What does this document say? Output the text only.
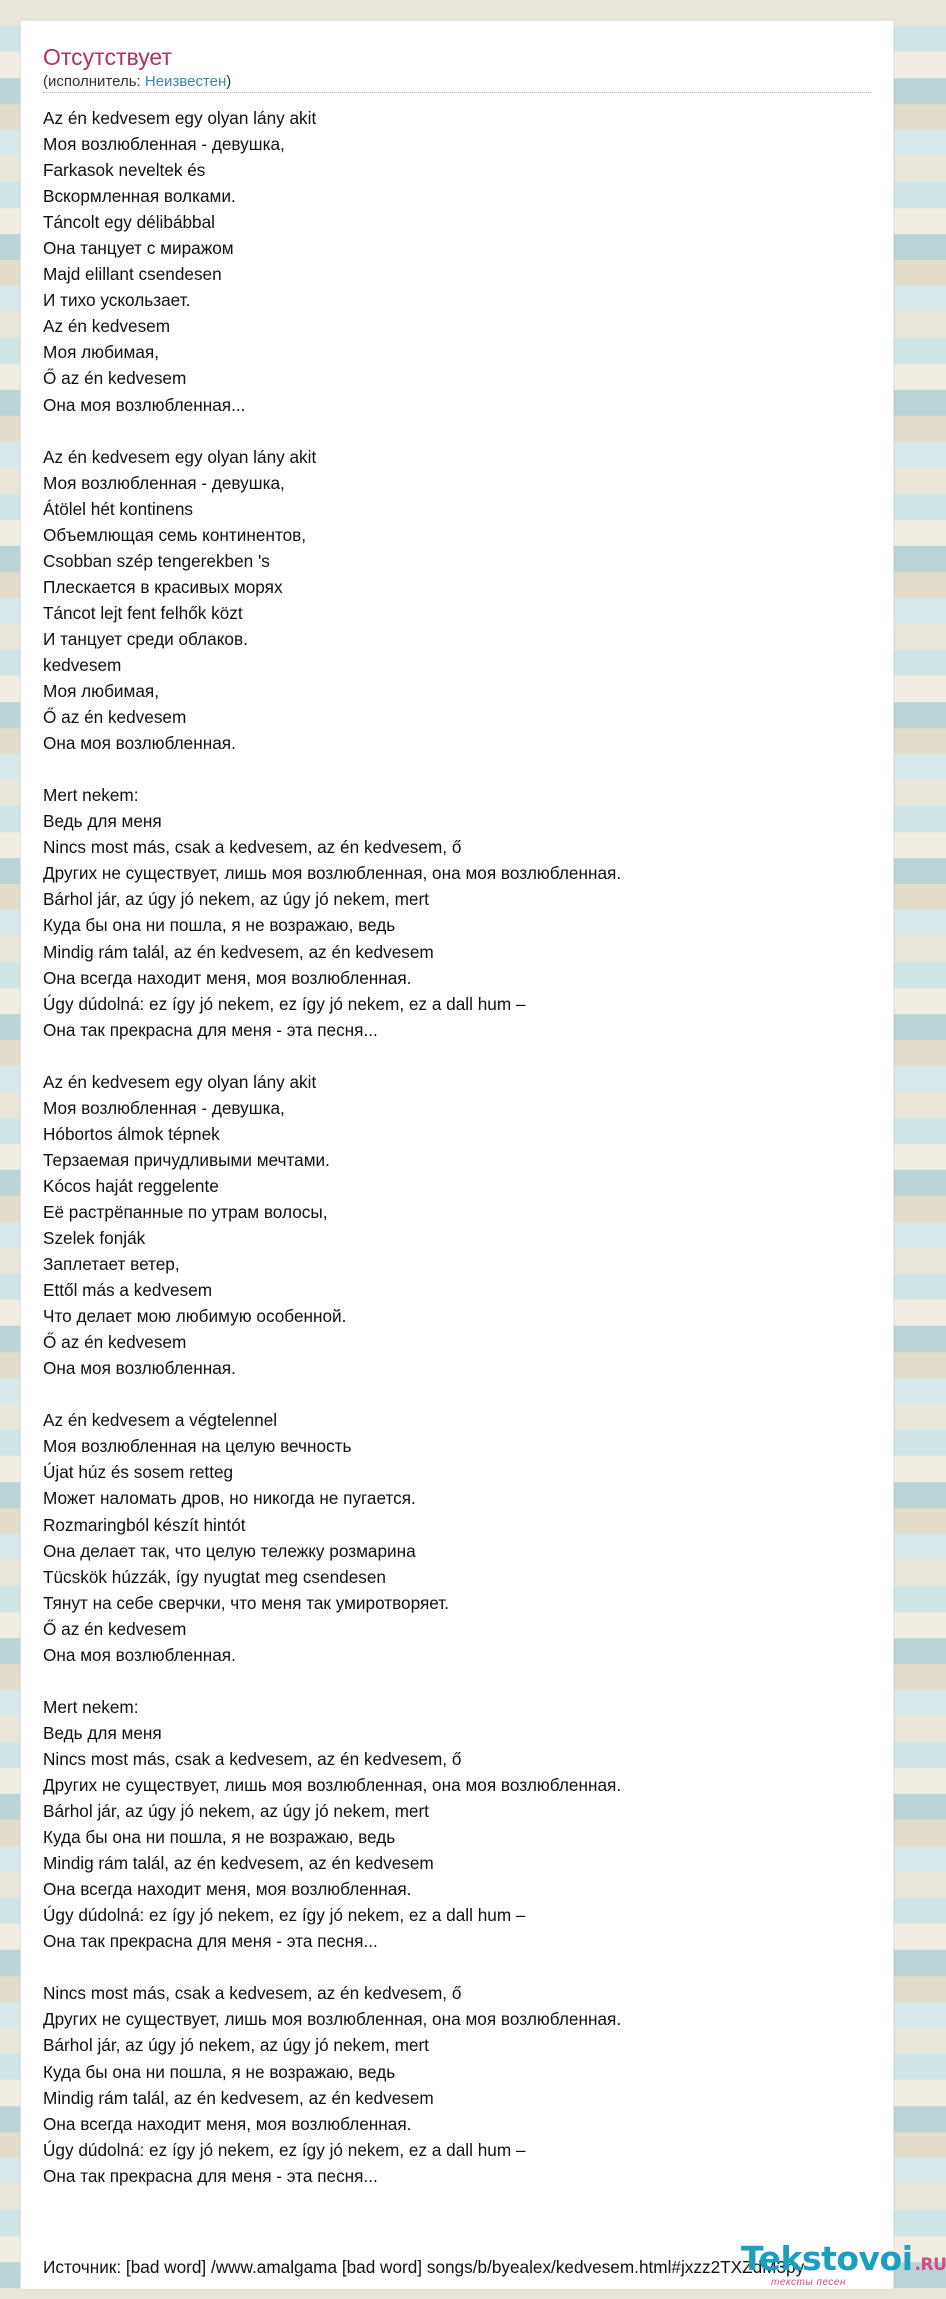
Отсутствует
(исполнитель: Неизвестен)
Az én kedvesem egy olyan lány akit
Моя возлюбленная - девушка,
Farkasok neveltek és
Вскормленная волками.
Táncolt egy délibábbal
Она танцует с миражом
Majd elillant csendesen
И тихо ускользает.
Az én kedvesem
Моя любимая,
Ő az én kedvesem
Она моя возлюбленная...
Az én kedvesem egy olyan lány akit
Моя возлюбленная - девушка,
Átölel hét kontinens
Объемлющая семь континентов,
Csobban szép tengerekben 's
Плескается в красивых морях
Táncot lejt fent felhők közt
И танцует среди облаков.
kedvesem
Моя любимая,
Ő az én kedvesem
Она моя возлюбленная.
Mert nekem:
Ведь для меня
Nincs most más, csak a kedvesem, az én kedvesem, ő
Других не существует, лишь моя возлюбленная, она моя возлюбленная.
Bárhol jár, az úgy jó nekem, az úgy jó nekem, mert
Куда бы она ни пошла, я не возражаю, ведь
Mindig rám talál, az én kedvesem, az én kedvesem
Она всегда находит меня, моя возлюбленная.
Úgy dúdolná: ez így jó nekem, ez így jó nekem, ez a dall hum –
Она так прекрасна для меня - эта песня...
Az én kedvesem egy olyan lány akit
Моя возлюбленная - девушка,
Hóbortos álmok tépnek
Терзаемая причудливыми мечтами.
Kócos haját reggelente
Её растрёпанные по утрам волосы,
Szelek fonják
Заплетает ветер,
Ettől más a kedvesem
Что делает мою любимую особенной.
Ő az én kedvesem
Она моя возлюбленная.
Az én kedvesem a végtelennel
Моя возлюбленная на целую вечность
Újat húz és sosem retteg
Может наломать дров, но никогда не пугается.
Rozmaringból készít hintót
Она делает так, что целую тележку розмарина
Tücskök húzzák, így nyugtat meg csendesen
Тянут на себе сверчки, что меня так умиротворяет.
Ő az én kedvesem
Она моя возлюбленная.
Mert nekem:
Ведь для меня
Nincs most más, csak a kedvesem, az én kedvesem, ő
Других не существует, лишь моя возлюбленная, она моя возлюбленная.
Bárhol jár, az úgy jó nekem, az úgy jó nekem, mert
Куда бы она ни пошла, я не возражаю, ведь
Mindig rám talál, az én kedvesem, az én kedvesem
Она всегда находит меня, моя возлюбленная.
Úgy dúdolná: ez így jó nekem, ez így jó nekem, ez a dall hum –
Она так прекрасна для меня - эта песня...
Nincs most más, csak a kedvesem, az én kedvesem, ő
Других не существует, лишь моя возлюбленная, она моя возлюбленная.
Bárhol jár, az úgy jó nekem, az úgy jó nekem, mert
Куда бы она ни пошла, я не возражаю, ведь
Mindig rám talál, az én kedvesem, az én kedvesem
Она всегда находит меня, моя возлюбленная.
Úgy dúdolná: ez így jó nekem, ez így jó nekem, ez a dall hum –
Она так прекрасна для меня - эта песня...
Источник: [bad word] /www.amalgama [bad word] songs/b/byealex/kedvesem.html#jxzz2TXZdM3py
Tekstovoi .RU
тексты песен
